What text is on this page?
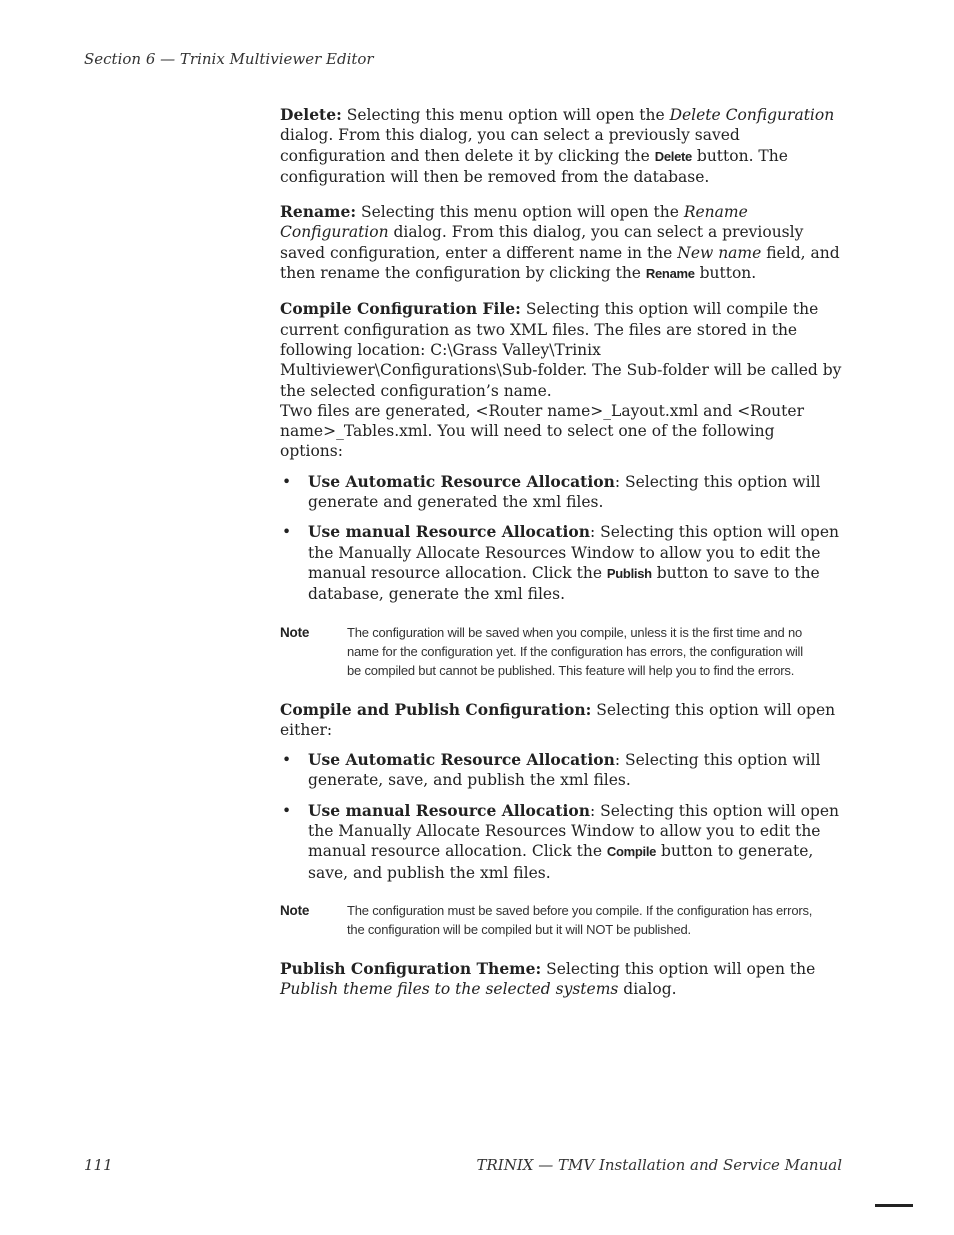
Section 6 — Trinix Multiviewer Editor

Delete: Selecting this menu option will open the Delete Configuration dialog. From this dialog, you can select a previously saved configuration and then delete it by clicking the Delete button. The configuration will then be removed from the database.

Rename: Selecting this menu option will open the Rename Configuration dialog. From this dialog, you can select a previously saved configuration, enter a different name in the New name field, and then rename the configuration by clicking the Rename button.

Compile Configuration File: Selecting this option will compile the current configuration as two XML files. The files are stored in the following location: C:\Grass Valley\Trinix Multiviewer\Configurations\Sub-folder. The Sub-folder will be called by the selected configuration’s name.
Two files are generated, <Router name>_Layout.xml and <Router name>_Tables.xml. You will need to select one of the following options:

• Use Automatic Resource Allocation: Selecting this option will generate and generated the xml files.
• Use manual Resource Allocation: Selecting this option will open the Manually Allocate Resources Window to allow you to edit the manual resource allocation. Click the Publish button to save to the database, generate the xml files.
Note	The configuration will be saved when you compile, unless it is the first time and no name for the configuration yet. If the configuration has errors, the configuration will be compiled but cannot be published. This feature will help you to find the errors.

Compile and Publish Configuration: Selecting this option will open either:

• Use Automatic Resource Allocation: Selecting this option will generate, save, and publish the xml files.
• Use manual Resource Allocation: Selecting this option will open the Manually Allocate Resources Window to allow you to edit the manual resource allocation. Click the Compile button to generate, save, and publish the xml files.
Note	The configuration must be saved before you compile. If the configuration has errors, the configuration will be compiled but it will NOT be published.

Publish Configuration Theme: Selecting this option will open the Publish theme files to the selected systems dialog.

111	TRINIX — TMV Installation and Service Manual
